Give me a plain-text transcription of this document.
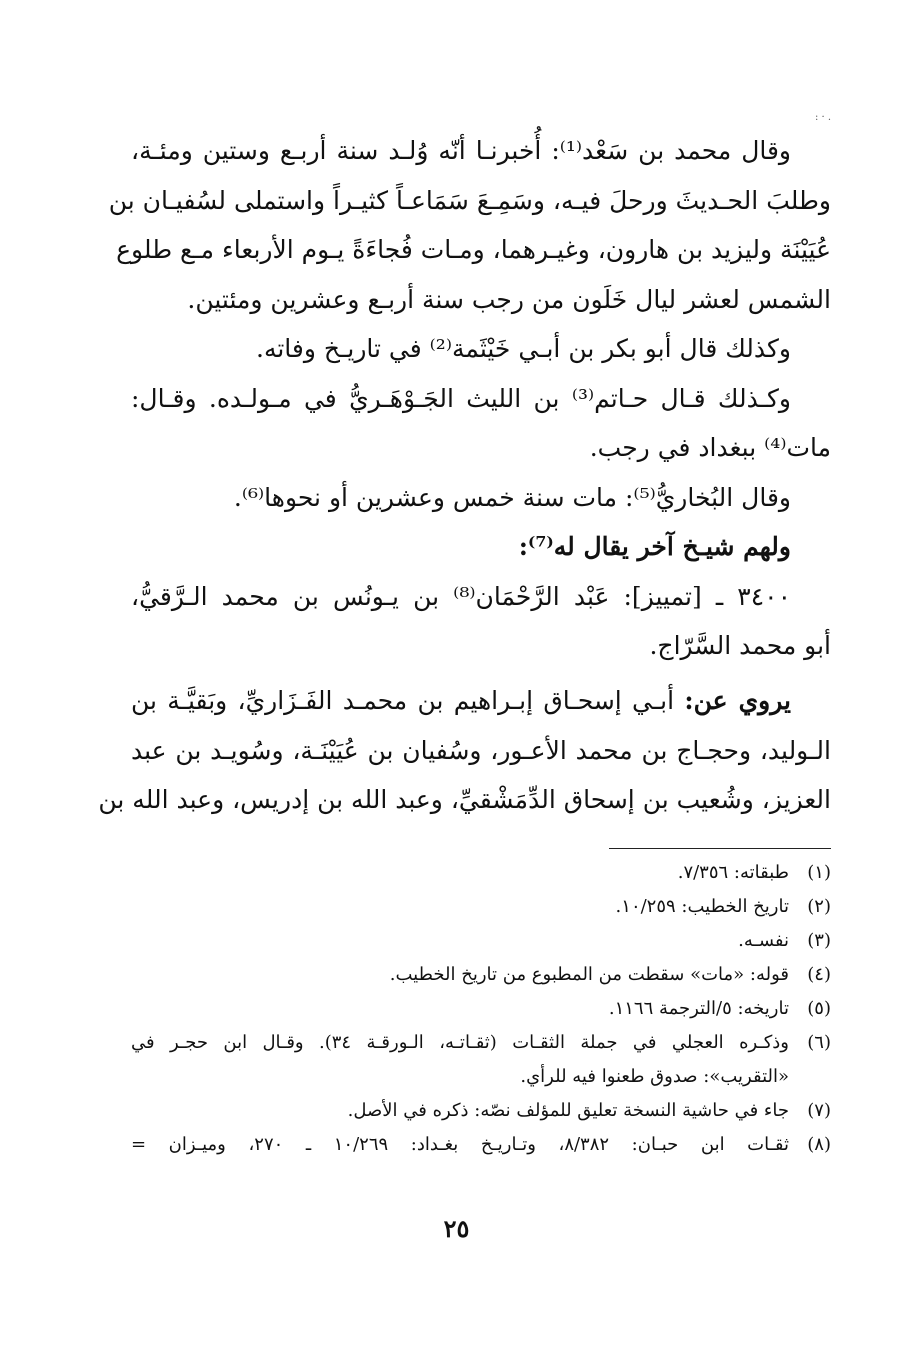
. · :
وقال محمد بن سَعْد⁽¹⁾: أُخبرنـا أنّه وُلـد سنة أربـع وستين ومئـة،
وطلبَ الحـديثَ ورحلَ فيـه، وسَمِـعَ سَمَاعـاً كثيـراً واستملى لسُفيـان بن
عُيَيْنَة وليزيد بن هارون، وغيـرهما، ومـات فُجاءَةً يـوم الأربعاء مـع طلوع
الشمس لعشر ليال خَلَون من رجب سنة أربـع وعشرين ومئتين.
وكذلك قال أبو بكر بن أبـي خَيْثَمة⁽²⁾ في تاريـخ وفاته.
وكـذلك قـال حـاتم⁽³⁾ بن الليث الجَـوْهَـريُّ في مـولـده. وقـال:
مات⁽⁴⁾ ببغداد في رجب.
وقال البُخاريُّ⁽⁵⁾: مات سنة خمس وعشرين أو نحوها⁽⁶⁾.
ولهم شيـخ آخر يقال له⁽⁷⁾:
٣٤٠٠ ـ [تمييز]: عَبْد الرَّحْمَان⁽⁸⁾ بن يـونُس بن محمد الـرَّقيُّ،
أبو محمد السَّرّاج.
يروي عن: أبـي إسحـاق إبـراهيم بن محمـد الفَـزَاريِّ، وبَقيَّـة بن
الـوليد، وحجـاج بن محمد الأعـور، وسُفيان بن عُيَيْنَـة، وسُويـد بن عبد
العزيز، وشُعيب بن إسحاق الدِّمَشْقيِّ، وعبد الله بن إدريس، وعبد الله بن
(١)
طبقاته: ٧/٣٥٦.
(٢)
تاريخ الخطيب: ١٠/٢٥٩.
(٣)
نفسـه.
(٤)
قوله: «مات» سقطت من المطبوع من تاريخ الخطيب.
(٥)
تاريخه: ٥/الترجمة ١١٦٦.
(٦)
وذكـره العجلي في جملة الثقـات (ثقـاتـه، الـورقـة ٣٤). وقـال ابن حجـر في
«التقريب»: صدوق طعنوا فيه للرأي.
(٧)
جاء في حاشية النسخة تعليق للمؤلف نصّه: ذكره في الأصل.
(٨)
ثقـات ابن حبـان: ٨/٣٨٢، وتـاريـخ بغـداد: ١٠/٢٦٩ ـ ٢٧٠، وميـزان =
٢٥
